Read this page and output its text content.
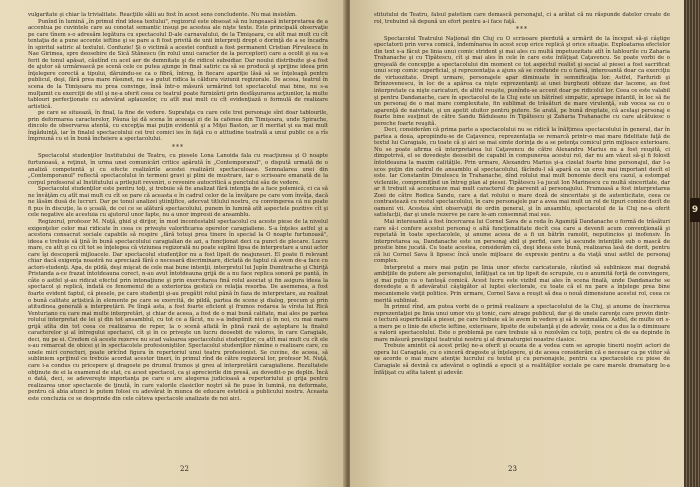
vulgaritate şi chiar la trivialitate. Reacţiile sălii au fost în acest sens concludente. Nu mai insistăm.

Punînd în lumină „în primul rînd ideea textului", regizorul este obsesat să nu lungească interpretarea de a accentua pe cuvintele care au conotat semantic insuşi pe acestea ale nişte texte. Este principală observaţie pe care tînem s-o adresăm legătura cu spectacolul D-ale carnavalului, de la Timişoara, cu atît mai mult cu cît tentaţia de a pune accente ieftine şi se pare a fi fost privită de unii interpreţi drept o dorinţă de a se încadra în spiritul satiric al textului. Confuzie! Şi o victimă a acestei confuzii a fost permanent Cristian Pîrvulescu în Nae Girimea, spre deosebire de Sică Stănescu (în rolul unui caracter de la perceptori) care a ocolit şi ea s-a ferit de tonul apăsat, căutînd cu acel aer de demnitate şi de ridicol subsidiar. Dar noului distribuite şi-a fost de ajutor să urmărească pe scenă cele ce putea ajunge în final satiric ca să se producă şi sprijine ideea prin înţelegere corectă a tipului, dăruindu-se ca o fibră, întreg, în fiecare apariţie lăsă să se înţeleagă pentru publicul, deşi, fără prea mare răsunet, nu s-a putut ridica la căldura viziunii regizorale. De aceea, teatrul în scena de la Timişoara nu prea convinge, însă într-o măsură urmărind tot spectacolul mai bine, nu s-a mulţumit cu exerciţii de stil şi ne-a oferit ceea ce teatrul poate furnizării prin desfăşurarea acţiunilor, la multe tablouri perfecţionate cu adevărat aplauzelor, cu atît mai mult cu cît evidenţiază o formulă de realizare artistică.

pe care se situează, în final, la fine de vedere. Suprafaţa cu care cele trei personaje sînt doar tablourile, prin deformarea caracterelor, Păuna îşi dă scena în aceeaşi zi de la cafenea din Timişoara, unde Spirache, dincolo de observarea atentă, cu excepţia mai puţin evidentă şi a Miţei Baston, ar fi meritat şi ea mai mult îngăduinţă, iar în finalul spectacolului cei trei comici ies în faţă cu o atitudine teatrală a unui public ce a rîs împreună cu ei în bună încheiere a spectacolului.

***

Spectacolul studenţilor Institutului de Teatru, cu piesele Lona Lanoida fala cu reacţiunea şi O noapte furtunoasă, a reţinut, în urma unei comunicări critice apărută în „Contemporanul", o dispută urmată de o analiză competentă şi cu efecte realizările acestei realizării spectaculoase. Semnalarea unei din „Contemporanul" reflectă spectacolului în termeni gravi şi plini de mustrare, iar o scrisoare emanată de la corpul profesoral al Institutului a prilejuit reveniri, o revenire autocritică a punctului său de vedere.

Spectacolul studenţilor este pentru toţi, şi trebuie să fie analizat fără intenţia de a face polemică, ci ca să ne învăţăm cu atît mai mult cu cît se pare că aceasta e în cadrul celor de la învăţare pe care vom învăţa, dacă ne lăsăm dusă de lucruri. Dar pe tonul analizei ştiinţifice, adecvat titlului nostru, cu convingerea că nu poate fi pus în discuţie, la o şcoală, de cei ce se alătură spectacolului, punem în lumină atît aspectele pozitive cît şi cele negative ale acestuia cu ajutorul unor fapte, nu a unor impresii de ansamblu.

Regizorul, profesor M. Nuţă, ghid şi dirijor, în mod incontestabil spectacolul cu aceste piese de la nivelul exigenţelor celor mai ridicate în ceea ce priveşte valorificarea operelor caragialiene. S-a înţeles astfel şi a acestora consacrat sociale capabile să respire „fără totuşi prea tinere în special la O noapte furtunoasă", ideea e trebuie să ţină în bună spectacolului caragialian de azi, a funcţionat deci ca punct de plecare. Lucru mare, cu atît şi cu cît tot se înţelegea că viziunea regizorală nu poate suplini lipsa de interpretare a unui actor care îşi descoperă mijloacele. Dar spectacolul studenţilor nu a fost lipsit de neajunsuri. El poate fi relevant chiar dacă exigenţa noastră nu apreciază fără o necesară discriminare, dictată de faptul că avem de-a face cu actori-studenţi. Apa, de pildă, deşi mişcat de cele mai bune intenţii, interpretul lui Jupîn Dumitrache şi Chiriţă Pristanda a-ce frazat întotdeauna corect, n-au avut întotdeauna grijă de a nu face replica sonoră pe pantă, în câte o astfel şi-au ridicat efectul prin intonaţiune şi prin exercitarea fină rolul asociat şi fin asigura ideea la spectacol şi replică, îndată ce fenomenul de a exterioriza gestică ce relaţia resorba. De asemenea, a fost foarte evident faptul, că piesele, pe care studenţii şi-au pregătit rolul până în faza de interpretare, au realizat o bună calitate artistică în elemente pe care se exercită, de pildă, partea de scene şi dialog, precum şi prin atitudinea generală a interpretării. Pe lîngă asta, a fost foarte eficient şi frumos redarea la vîrsta lui Rică Venturiano cu care mai multe interpretări, şi chiar de aceea, a fost de o mai bună calitate, mai ales pe partea rolului interpretat de lei şi din tot ansamblul, cu tot ce a făcut, nu s-a îndeplinit nici şi în noi, cu mai mare grijă atîta din tot ceea ce realizarea de reper, la o scenă aflată în plină rază de aşteptare la finalul caracterelor şi al întregului spectacol, cît şi în ce priveşte un lucru deosebit de valoros, în care Caragiale, deci, nu pe ei. Credem că aceste rezerve nu scad valoarea spectacolului studenţilor, cu atît mai mult cu cît ele s-au remarcat de obicei şi în spectacolele profesioniştilor. Spectacolul studenţilor rămîne o realizare care, cu unele mici corecturi, poate oricînd figura în repertoriul unui teatru profesionist. Se cuvine, de aceea, să subliniem sprijinul ce trebuie acordat acestor tineri, în primul rînd de către regizorul lor, profesor M. Nuţă, care i-a condus cu pricepere şi dragoste pe drumul frumos şi greu al interpretării caragialiene. Rezultatele obţinute de ei la examenul de stat, cu acest spectacol, ca şi aprecierile din presă, au dovedit-o pe deplin. Încă o dată, deci, se adevereşte importanţa pe care o are alegerea judicioasă a repertoriului şi grija pentru realizarea unor spectacole de ţinută, în care valorile clasicilor noştri să fie puse în lumină, nu deformate, pentru că abia atunci le putem folosi cu adevărat în munca de educare estetică a publicului nostru. Aceasta este concluzia ce se desprinde din cele câteva spectacole analizate de noi aici.

22

stitutului de Teatru, falsul patetism care demască personajul, ci a arătat că nu răspunde datelor create de rol, trebuind să depună un efort pentru a-i face faţă.

***

Spectacolul Teatrului Naţional din Cluj cu O scrisoare pierdută a urmărit de la început să-şi câştige spectatorii prin verva comică, îndemînarea în acest scop erice replică şi orice situaţie. Exploatarea efectelor din text s-a făcut pe linia unui comic strident şi mai ales cu multă impetuozitate atît în tablourile cu Zaharia Trahanache şi cu Tipătescu, cît şi mai ales în cele în care este înfăţişat Caţavencu. Se poate vorbi de o greşeală de concepţie a spectacolului din moment ce tot aspectul realist şi social al piesei a fost sacrificat unui scop comic superficial, şi reprezentaţia a ajuns să se confunde cu o farsă, interesantă doar ca exerciţiu de virtuozitate. Drept urmare, personajele apar diminuate în semnificaţia lor. Astfel, Farfuridi şi Brînzovenescu, în loc de a apărea ca nişte reprezentanţi ai unei burghezii obtuze dar lacome, au fost interpretate ca nişte caricaturi, de altfel reuşite, punîndu-se accent doar pe ridicolul lor. Ceea ce este valabil şi pentru Dandanache, care în spectacolul de la Cluj este un bătrînel simpatic, aproape infantil, în loc să fie un personaj de o mai mare complexitate, fin sublimat de trăsături de mare virulenţă, sub vocea sa cu o aparenţă de naivitate, şi un apetit uluitor pentru putere. Se arată, pe bună dreptate, că acelaşi personaj e foarte bine susţinut de către Sandu Băduleanu în Tipătescu şi Zaharia Trahanache cu care alcătuiesc o pereche foarte reuşită.

Deci, considerăm că prima parte a spectacolului nu se ridică la înălţimea spectacolului în general, dar în partea a doua, apropiindu-se de Caţavencu, reprezentaţia se remarcă printr-o mai mare fidelitate faţă de textul lui Caragiale, cu toate că şi aici se mai simte dorinţa de a se potenţa comicul prin mijloace exterioare. Nu se poate afirma că interpretarea lui Caţavencu de către Alexandru Marius nu a fost reuşită, ci dimpotrivă, el se dovedeşte deosebit de capabil în compunerea acestui rol, dar nu am văzut să-şi fi folosit întotdeauna la maxim calităţile. Prin urmare, Alexandru Marius şi-a cizelat foarte bine personajul, dar l-a scos puţin din cadrul de ansamblu al spectacolului, făcîndu-l să apară ca un erou mai important decît el este. Iar Constantin Dinulescu în Trahanache, dînd rolului mai mult bonomie decît era cazul, a estompat vicleniile, compromiţînd un întreg plan al piesei. Tipătescu l-a jucat Ion Marinescu cu multă sinceritate, dar ar fi trebuit să accentueze mai mult caracterul de parvenit al personajului. Frumoasă a fost interpretarea Zoei de către Rodica Sandu, care a dat rolului o mare doză de sinceritate şi de autenticitate, ceea ce contrastează cu restul spectacolului, în care personajele par a avea mai mult un rol de tipuri comice decît de oameni vii. Acestea sînt observaţii de ordin general, şi în ansamblu, spectacolul de la Cluj ne-a oferit satisfacţii, dar şi unele rezerve pe care le-am consemnat mai sus.

Mai interesantă a fost încercarea lui Cornel Sava de a reda în Agamiţă Dandanache o formă de trăsături care să-i confere acestui personaj o altă funcţionalitate decît cea care a devenit acum convenţională şi repetată în toate spectacolele, şi anume aceea de a fi un bătrîn ramolit, neputincios şi inofensiv. În interpretarea sa, Dandanache este un personaj abil şi perfid, care îşi ascunde intenţiile sub o mască de prostie bine jucată. Cu toate acestea, considerăm că, deşi ideea este bună, realizarea lasă de dorit, pentru că lui Cornel Sava îi lipsesc încă unele mijloace de expresie pentru a da viaţă unui astfel de personaj complex.

Interpretul a mers mai puţin pe linia unor efecte caricaturale, căutînd să sublinieze mai degrabă ambiţiile de putere ale personajului, înfăţişat ca un tip lipsit de scrupule, cu o anumită forţă de convingere, şi mai puţin ca o fantoşă comică. Acest lucru este vizibil mai ales în scena finală, unde Dandanache se dovedeşte a fi adevăratul câştigător al luptei electorale, cu toate că el nu pare a înţelege prea bine mecanismele vieţii politice. Prin urmare, Cornel Sava a reuşit să dea o nouă dimensiune acestui rol, ceea ce merită subliniat.

În primul rînd, am putea vorbi de o primă realizare a spectacolului de la Cluj, şi anume de înscrierea reprezentaţiei pe linia unui umor viu şi tonic, care atrage publicul, dar şi de unele carenţe care provin dintr-o lectură superficială a piesei, pe care trebuie să le avem în vedere şi să le semnalăm. Astfel, de multe ori s-a mers pe o linie de efecte ieftine, exterioare, lipsite de substanţă şi de adevăr, ceea ce a dus la o diminuare a valorii spectacolului. Este o problemă pe care trebuie să o rezolvăm cu toţii, pentru că de ea depinde în mare măsură prestigiul teatrului nostru şi al dramaturgiei noastre clasice.

Trebuie amintit că acest prilej ne-a oferit şi ocazia de a vedea cum se apropie tinerii noştri actori de opera lui Caragiale, cu o sinceră dragoste şi înţelegere, şi de aceea considerăm că e necesar ca pe viitor să se acorde o mai mare atenţie lucrului cu textul şi cu personajele, pentru ca spectacolele cu piese de Caragiale să devină cu adevărat o oglindă a epocii şi a realităţilor sociale pe care marele dramaturg le-a înfăţişat cu atîta talent şi adevăr.

23
9
